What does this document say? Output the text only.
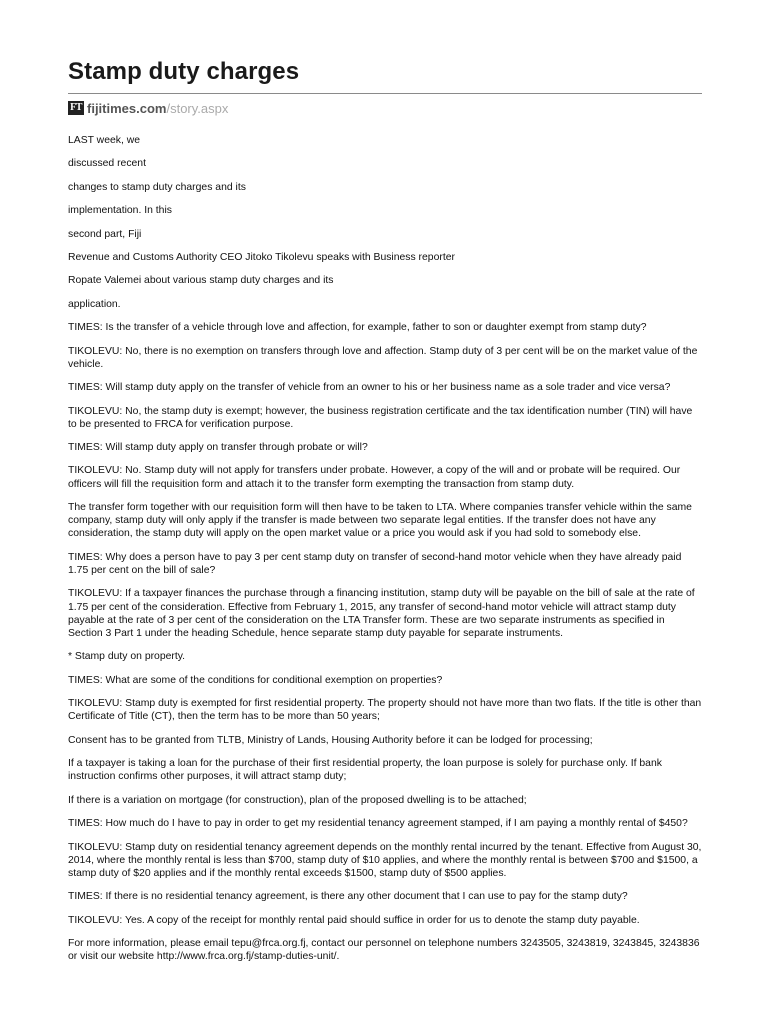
Stamp duty charges
FT fijitimes.com /story.aspx

LAST week, we

discussed recent

changes to stamp duty charges and its

implementation. In this

second part, Fiji

Revenue and Customs Authority CEO Jitoko Tikolevu speaks with Business reporter

Ropate Valemei about various stamp duty charges and its

application.

TIMES: Is the transfer of a vehicle through love and affection, for example, father to son or daughter exempt from stamp duty?

TIKOLEVU: No, there is no exemption on transfers through love and affection. Stamp duty of 3 per cent will be on the market value of the vehicle.

TIMES: Will stamp duty apply on the transfer of vehicle from an owner to his or her business name as a sole trader and vice versa?

TIKOLEVU: No, the stamp duty is exempt; however, the business registration certificate and the tax identification number (TIN) will have to be presented to FRCA for verification purpose.

TIMES: Will stamp duty apply on transfer through probate or will?

TIKOLEVU: No. Stamp duty will not apply for transfers under probate. However, a copy of the will and or probate will be required. Our officers will fill the requisition form and attach it to the transfer form exempting the transaction from stamp duty.

The transfer form together with our requisition form will then have to be taken to LTA. Where companies transfer vehicle within the same company, stamp duty will only apply if the transfer is made between two separate legal entities. If the transfer does not have any consideration, the stamp duty will apply on the open market value or a price you would ask if you had sold to somebody else.

TIMES: Why does a person have to pay 3 per cent stamp duty on transfer of second-hand motor vehicle when they have already paid 1.75 per cent on the bill of sale?

TIKOLEVU: If a taxpayer finances the purchase through a financing institution, stamp duty will be payable on the bill of sale at the rate of 1.75 per cent of the consideration. Effective from February 1, 2015, any transfer of second-hand motor vehicle will attract stamp duty payable at the rate of 3 per cent of the consideration on the LTA Transfer form. These are two separate instruments as specified in Section 3 Part 1 under the heading Schedule, hence separate stamp duty payable for separate instruments.

* Stamp duty on property.

TIMES: What are some of the conditions for conditional exemption on properties?

TIKOLEVU: Stamp duty is exempted for first residential property. The property should not have more than two flats. If the title is other than Certificate of Title (CT), then the term has to be more than 50 years;

Consent has to be granted from TLTB, Ministry of Lands, Housing Authority before it can be lodged for processing;

If a taxpayer is taking a loan for the purchase of their first residential property, the loan purpose is solely for purchase only. If bank instruction confirms other purposes, it will attract stamp duty;

If there is a variation on mortgage (for construction), plan of the proposed dwelling is to be attached;

TIMES: How much do I have to pay in order to get my residential tenancy agreement stamped, if I am paying a monthly rental of $450?

TIKOLEVU: Stamp duty on residential tenancy agreement depends on the monthly rental incurred by the tenant. Effective from August 30, 2014, where the monthly rental is less than $700, stamp duty of $10 applies, and where the monthly rental is between $700 and $1500, a stamp duty of $20 applies and if the monthly rental exceeds $1500, stamp duty of $500 applies.

TIMES: If there is no residential tenancy agreement, is there any other document that I can use to pay for the stamp duty?

TIKOLEVU: Yes. A copy of the receipt for monthly rental paid should suffice in order for us to denote the stamp duty payable.

For more information, please email tepu@frca.org.fj, contact our personnel on telephone numbers 3243505, 3243819, 3243845, 3243836 or visit our website http://www.frca.org.fj/stamp-duties-unit/.
